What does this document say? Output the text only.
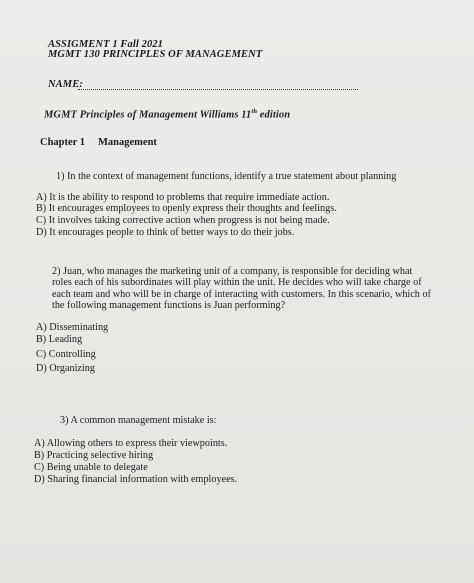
ASSIGMENT 1 Fall 2021
MGMT 130 PRINCIPLES OF MANAGEMENT
NAME:
MGMT Principles of Management Williams 11th edition
Chapter 1 Management
1) In the context of management functions, identify a true statement about planning
A) It is the ability to respond to problems that require immediate action.
B) It encourages employees to openly express their thoughts and feelings.
C) It involves taking corrective action when progress is not being made.
D) It encourages people to think of better ways to do their jobs.
2) Juan, who manages the marketing unit of a company, is responsible for deciding what
roles each of his subordinates will play within the unit. He decides who will take charge of
each team and who will be in charge of interacting with customers. In this scenario, which of
the following management functions is Juan performing?
A) Disseminating
B) Leading
C) Controlling
D) Organizing
3) A common management mistake is:
A) Allowing others to express their viewpoints.
B) Practicing selective hiring
C) Being unable to delegate
D) Sharing financial information with employees.
